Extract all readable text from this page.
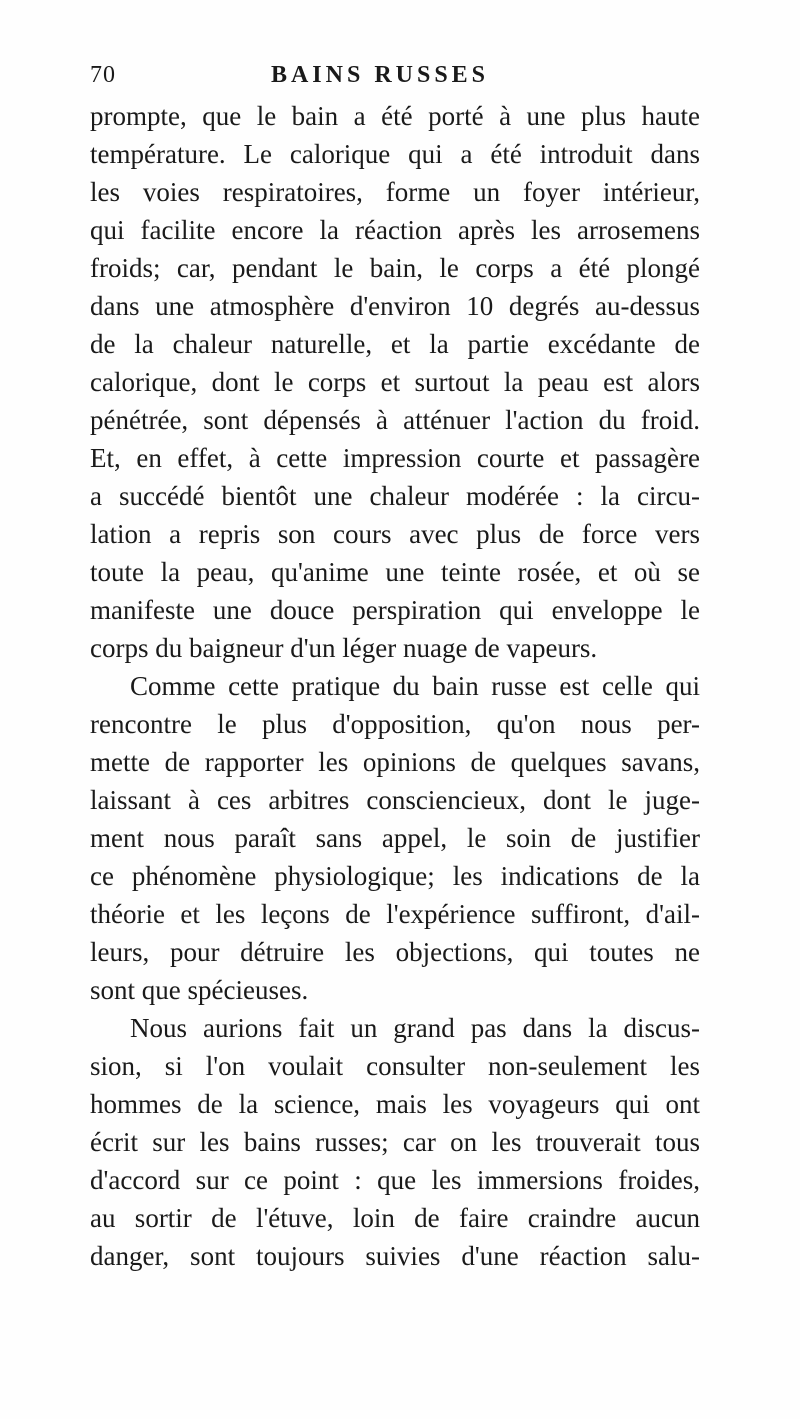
70	BAINS RUSSES
prompte, que le bain a été porté à une plus haute
température. Le calorique qui a été introduit dans
les voies respiratoires, forme un foyer intérieur,
qui facilite encore la réaction après les arrosemens
froids; car, pendant le bain, le corps a été plongé
dans une atmosphère d'environ 10 degrés au-dessus
de la chaleur naturelle, et la partie excédante de
calorique, dont le corps et surtout la peau est alors
pénétrée, sont dépensés à atténuer l'action du froid.
Et, en effet, à cette impression courte et passagère
a succédé bientôt une chaleur modérée : la circu-
lation a repris son cours avec plus de force vers
toute la peau, qu'anime une teinte rosée, et où se
manifeste une douce perspiration qui enveloppe le
corps du baigneur d'un léger nuage de vapeurs.
Comme cette pratique du bain russe est celle qui
rencontre le plus d'opposition, qu'on nous per-
mette de rapporter les opinions de quelques savans,
laissant à ces arbitres consciencieux, dont le juge-
ment nous paraît sans appel, le soin de justifier
ce phénomène physiologique; les indications de la
théorie et les leçons de l'expérience suffiront, d'ail-
leurs, pour détruire les objections, qui toutes ne
sont que spécieuses.
Nous aurions fait un grand pas dans la discus-
sion, si l'on voulait consulter non-seulement les
hommes de la science, mais les voyageurs qui ont
écrit sur les bains russes; car on les trouverait tous
d'accord sur ce point : que les immersions froides,
au sortir de l'étuve, loin de faire craindre aucun
danger, sont toujours suivies d'une réaction salu-
